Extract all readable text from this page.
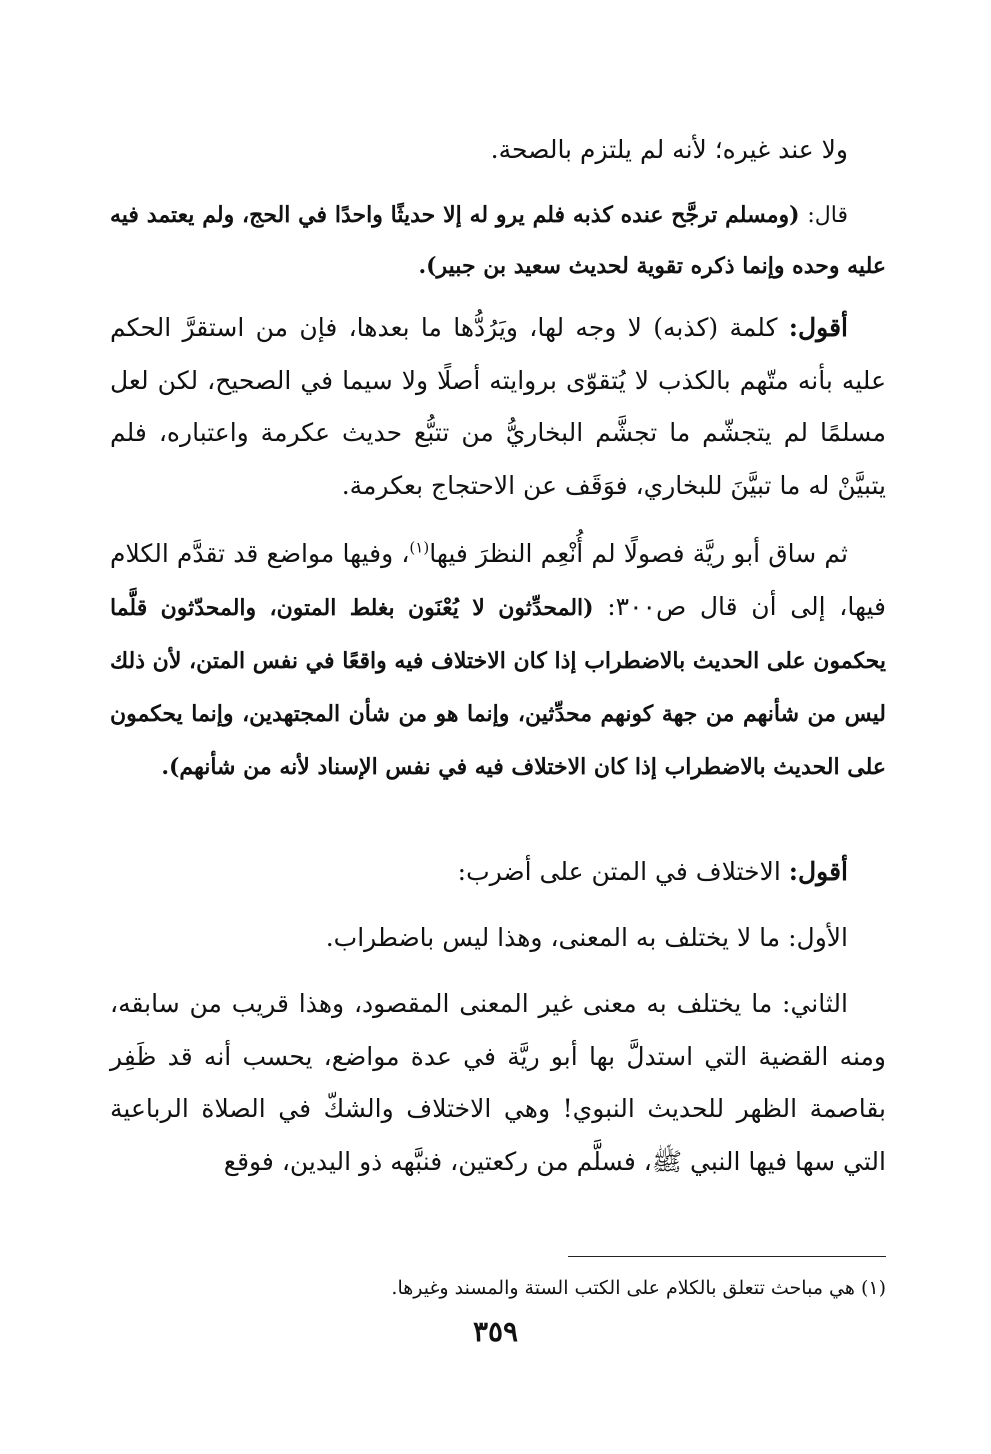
ولا عند غيره؛ لأنه لم يلتزم بالصحة.

قال: (ومسلم ترجَّح عنده كذبه فلم يرو له إلا حديثًا واحدًا في الحج، ولم يعتمد فيه عليه وحده وإنما ذكره تقوية لحديث سعيد بن جبير).

أقول: كلمة (كذبه) لا وجه لها، ويَرُدُّها ما بعدها، فإن من استقرَّ الحكم عليه بأنه متّهم بالكذب لا يُتقوّى بروايته أصلًا ولا سيما في الصحيح، لكن لعل مسلمًا لم يتجشّم ما تجشَّم البخاريُّ من تتبُّع حديث عكرمة واعتباره، فلم يتبيَّنْ له ما تبيَّنَ للبخاري، فوَقَف عن الاحتجاج بعكرمة.

ثم ساق أبو ريَّة فصولًا لم أُنْعِم النظرَ فيها$^{(١)}$، وفيها مواضع قد تقدَّم الكلام فيها، إلى أن قال ص٣٠٠: (المحدِّثون لا يُعْنَون بغلط المتون، والمحدّثون قلَّما يحكمون على الحديث بالاضطراب إذا كان الاختلاف فيه واقعًا في نفس المتن، لأن ذلك ليس من شأنهم من جهة كونهم محدِّثين، وإنما هو من شأن المجتهدين، وإنما يحكمون على الحديث بالاضطراب إذا كان الاختلاف فيه في نفس الإسناد لأنه من شأنهم).

أقول: الاختلاف في المتن على أضرب:

الأول: ما لا يختلف به المعنى، وهذا ليس باضطراب.

الثاني: ما يختلف به معنى غير المعنى المقصود، وهذا قريب من سابقه، ومنه القضية التي استدلَّ بها أبو ريَّة في عدة مواضع، يحسب أنه قد ظَفِر بقاصمة الظهر للحديث النبوي! وهي الاختلاف والشكّ في الصلاة الرباعية التي سها فيها النبي ﷺ، فسلَّم من ركعتين، فنبَّهه ذو اليدين، فوقع

(١) هي مباحث تتعلق بالكلام على الكتب الستة والمسند وغيرها.

٣٥٩
